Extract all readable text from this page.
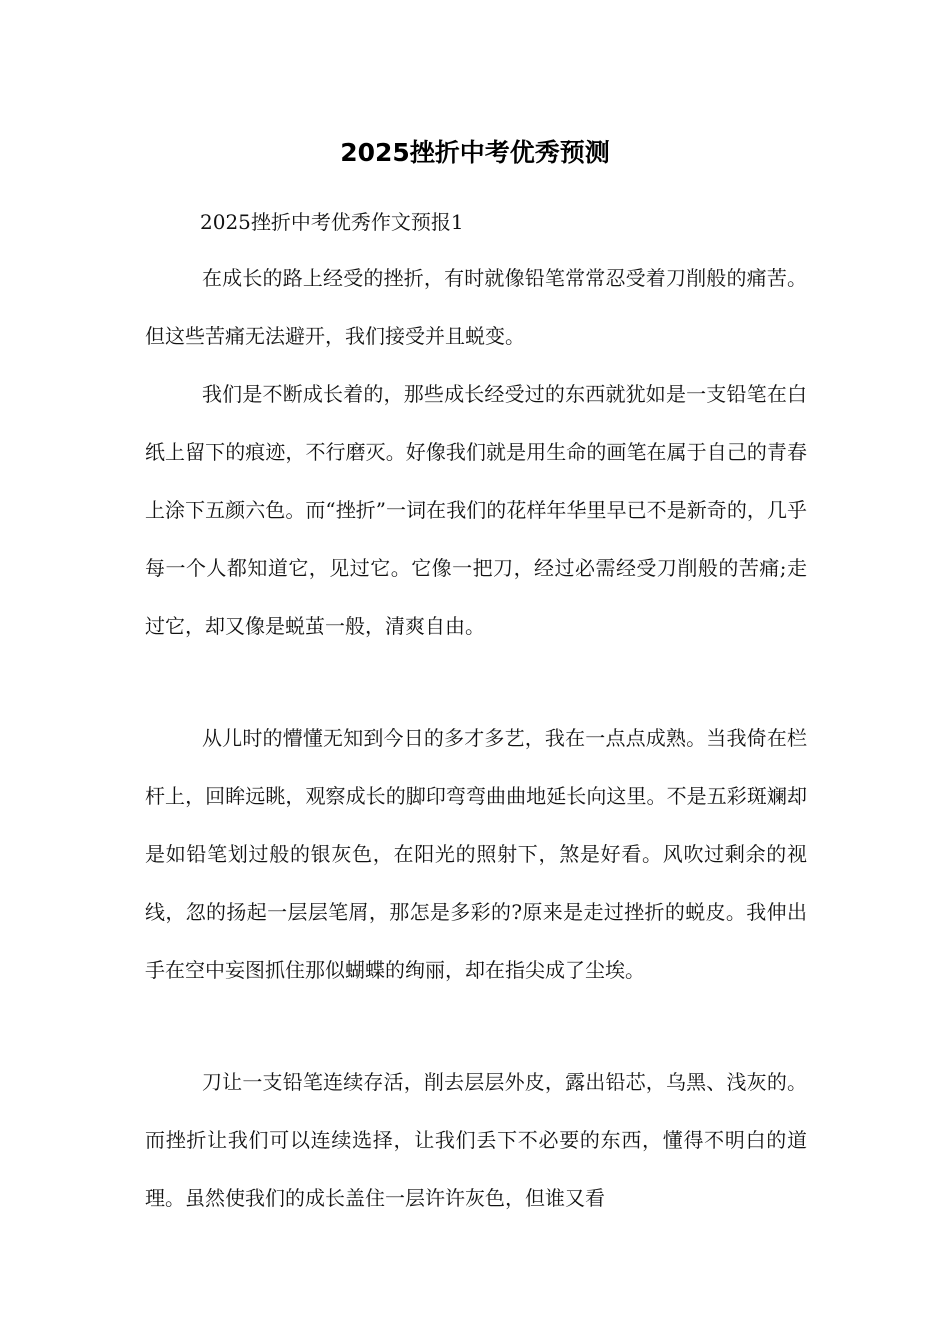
2025挫折中考优秀预测
2025挫折中考优秀作文预报1

在成长的路上经受的挫折，有时就像铅笔常常忍受着刀削般的痛苦。但这些苦痛无法避开，我们接受并且蜕变。

我们是不断成长着的，那些成长经受过的东西就犹如是一支铅笔在白纸上留下的痕迹，不行磨灭。好像我们就是用生命的画笔在属于自己的青春上涂下五颜六色。而“挫折”一词在我们的花样年华里早已不是新奇的，几乎每一个人都知道它，见过它。它像一把刀，经过必需经受刀削般的苦痛;走过它，却又像是蜕茧一般，清爽自由。

从儿时的懵懂无知到今日的多才多艺，我在一点点成熟。当我倚在栏杆上，回眸远眺，观察成长的脚印弯弯曲曲地延长向这里。不是五彩斑斓却是如铅笔划过般的银灰色，在阳光的照射下，煞是好看。风吹过剩余的视线，忽的扬起一层层笔屑，那怎是多彩的?原来是走过挫折的蜕皮。我伸出手在空中妄图抓住那似蝴蝶的绚丽，却在指尖成了尘埃。

刀让一支铅笔连续存活，削去层层外皮，露出铅芯，乌黑、浅灰的。而挫折让我们可以连续选择，让我们丢下不必要的东西，懂得不明白的道理。虽然使我们的成长盖住一层许许灰色，但谁又看
